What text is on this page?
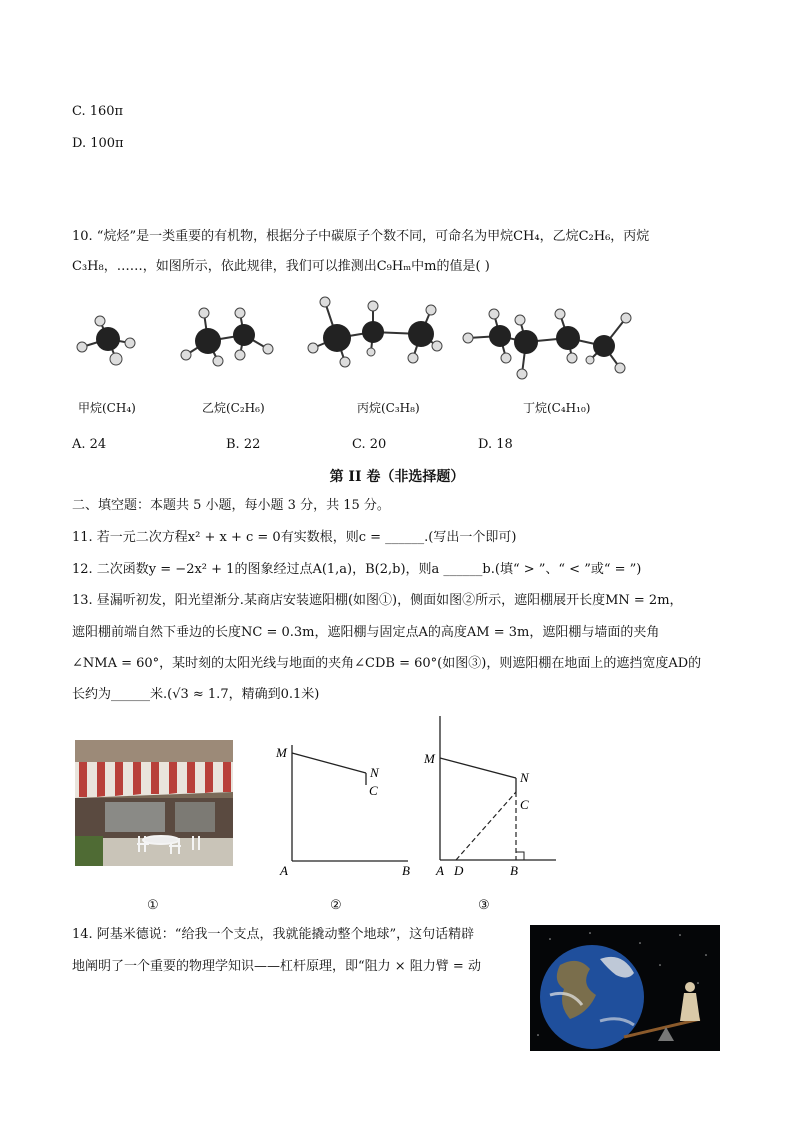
C. 160π
D. 100π
10. “烷烃”是一类重要的有机物，根据分子中碳原子个数不同，可命名为甲烷CH₄，乙烷C₂H₆，丙烷
C₃H₈，……，如图所示，依此规律，我们可以推测出C₉Hₘ中m的值是( )
甲烷(CH₄)	乙烷(C₂H₆)	丙烷(C₃H₈)	丁烷(C₄H₁₀)
A. 24	B. 22	C. 20	D. 18
第 II 卷（非选择题）
二、填空题：本题共 5 小题，每小题 3 分，共 15 分。
11. 若一元二次方程x² + x + c = 0有实数根，则c = ______.(写出一个即可)
12. 二次函数y = −2x² + 1的图象经过点A(1,a)，B(2,b)，则a ______b.(填“ > ”、“ < ”或“ = ”)
13. 昼漏听初发，阳光望渐分.某商店安装遮阳棚(如图①)，侧面如图②所示，遮阳棚展开长度MN = 2m，
遮阳棚前端自然下垂边的长度NC = 0.3m，遮阳棚与固定点A的高度AM = 3m，遮阳棚与墙面的夹角
∠NMA = 60°，某时刻的太阳光线与地面的夹角∠CDB = 60°(如图③)，则遮阳棚在地面上的遮挡宽度AD的
长约为______米.(√3 ≈ 1.7，精确到0.1米)
M
N
C
A	B
M
N
C
A D	B
①	②	③
14. 阿基米德说：“给我一个支点，我就能撬动整个地球”，这句话精辟
地阐明了一个重要的物理学知识——杠杆原理，即“阻力 × 阻力臂 = 动
